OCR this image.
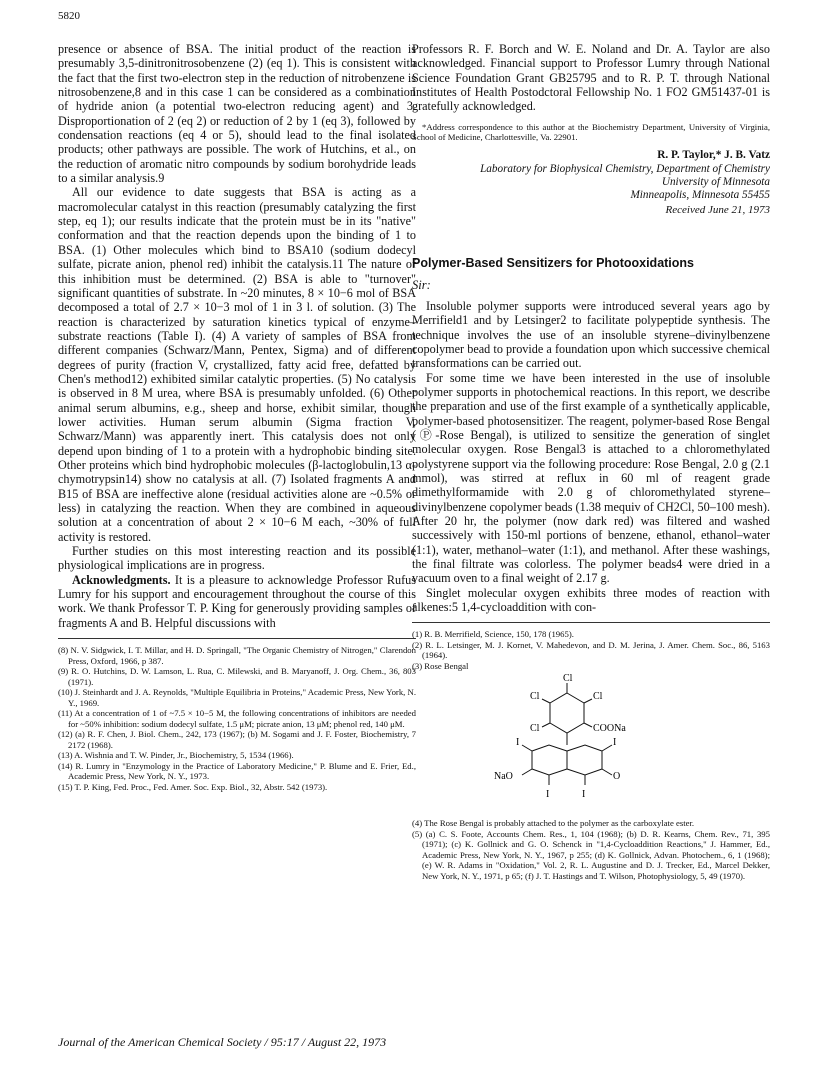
5820

presence or absence of BSA. The initial product of the reaction is presumably 3,5-dinitronitrosobenzene (2) (eq 1). This is consistent with the fact that the first two-electron step in the reduction of nitrobenzene is nitrosobenzene,8 and in this case 1 can be considered as a combination of hydride anion (a potential two-electron reducing agent) and 3. Disproportionation of 2 (eq 2) or reduction of 2 by 1 (eq 3), followed by condensation reactions (eq 4 or 5), should lead to the final isolated products; other pathways are possible. The work of Hutchins, et al., on the reduction of aromatic nitro compounds by sodium borohydride leads to a similar analysis.9

All our evidence to date suggests that BSA is acting as a macromolecular catalyst in this reaction (presumably catalyzing the first step, eq 1); our results indicate that the protein must be in its "native" conformation and that the reaction depends upon the binding of 1 to BSA. (1) Other molecules which bind to BSA10 (sodium dodecyl sulfate, picrate anion, phenol red) inhibit the catalysis.11 The nature of this inhibition must be determined. (2) BSA is able to "turnover" significant quantities of substrate. In ~20 minutes, 8 × 10−6 mol of BSA decomposed a total of 2.7 × 10−3 mol of 1 in 3 l. of solution. (3) The reaction is characterized by saturation kinetics typical of enzyme–substrate reactions (Table I). (4) A variety of samples of BSA from different companies (Schwarz/Mann, Pentex, Sigma) and of different degrees of purity (fraction V, crystallized, fatty acid free, defatted by Chen's method12) exhibited similar catalytic properties. (5) No catalysis is observed in 8 M urea, where BSA is presumably unfolded. (6) Other animal serum albumins, e.g., sheep and horse, exhibit similar, though lower activities. Human serum albumin (Sigma fraction V, Schwarz/Mann) was apparently inert. This catalysis does not only depend upon binding of 1 to a protein with a hydrophobic binding site. Other proteins which bind hydrophobic molecules (β-lactoglobulin,13 α-chymotrypsin14) show no catalysis at all. (7) Isolated fragments A and B15 of BSA are ineffective alone (residual activities alone are ~0.5% or less) in catalyzing the reaction. When they are combined in aqueous solution at a concentration of about 2 × 10−6 M each, ~30% of full activity is restored.

Further studies on this most interesting reaction and its possible physiological implications are in progress.

Acknowledgments. It is a pleasure to acknowledge Professor Rufus Lumry for his support and encouragement throughout the course of this work. We thank Professor T. P. King for generously providing samples of fragments A and B. Helpful discussions with

(8) N. V. Sidgwick, I. T. Millar, and H. D. Springall, "The Organic Chemistry of Nitrogen," Clarendon Press, Oxford, 1966, p 387.

(9) R. O. Hutchins, D. W. Lamson, L. Rua, C. Milewski, and B. Maryanoff, J. Org. Chem., 36, 803 (1971).

(10) J. Steinhardt and J. A. Reynolds, "Multiple Equilibria in Proteins," Academic Press, New York, N. Y., 1969.

(11) At a concentration of 1 of ~7.5 × 10−5 M, the following concentrations of inhibitors are needed for ~50% inhibition: sodium dodecyl sulfate, 1.5 μM; picrate anion, 13 μM; phenol red, 140 μM.

(12) (a) R. F. Chen, J. Biol. Chem., 242, 173 (1967); (b) M. Sogami and J. F. Foster, Biochemistry, 7 2172 (1968).

(13) A. Wishnia and T. W. Pinder, Jr., Biochemistry, 5, 1534 (1966).

(14) R. Lumry in "Enzymology in the Practice of Laboratory Medicine," P. Blume and E. Frier, Ed., Academic Press, New York, N. Y., 1973.

(15) T. P. King, Fed. Proc., Fed. Amer. Soc. Exp. Biol., 32, Abstr. 542 (1973).

Professors R. F. Borch and W. E. Noland and Dr. A. Taylor are also acknowledged. Financial support to Professor Lumry through National Science Foundation Grant GB25795 and to R. P. T. through National Institutes of Health Postodctoral Fellowship No. 1 FO2 GM51437-01 is gratefully acknowledged.

*Address correspondence to this author at the Biochemistry Department, University of Virginia, School of Medicine, Charlottesville, Va. 22901.

R. P. Taylor,* J. B. Vatz

Laboratory for Biophysical Chemistry, Department of Chemistry

University of Minnesota

Minneapolis, Minnesota 55455

Received June 21, 1973

Polymer-Based Sensitizers for Photooxidations

Sir:

Insoluble polymer supports were introduced several years ago by Merrifield1 and by Letsinger2 to facilitate polypeptide synthesis. The technique involves the use of an insoluble styrene–divinylbenzene copolymer bead to provide a foundation upon which successive chemical transformations can be carried out.

For some time we have been interested in the use of insoluble polymer supports in photochemical reactions. In this report, we describe the preparation and use of the first example of a synthetically applicable, polymer-based photosensitizer. The reagent, polymer-based Rose Bengal (Ⓟ-Rose Bengal), is utilized to sensitize the generation of singlet molecular oxygen. Rose Bengal3 is attached to a chloromethylated polystyrene support via the following procedure: Rose Bengal, 2.0 g (2.1 mmol), was stirred at reflux in 60 ml of reagent grade dimethylformamide with 2.0 g of chloromethylated styrene–divinylbenzene copolymer beads (1.38 mequiv of CH2Cl, 50–100 mesh). After 20 hr, the polymer (now dark red) was filtered and washed successively with 150-ml portions of benzene, ethanol, ethanol–water (1:1), water, methanol–water (1:1), and methanol. After these washings, the final filtrate was colorless. The polymer beads4 were dried in a vacuum oven to a final weight of 2.17 g.

Singlet molecular oxygen exhibits three modes of reaction with alkenes:5 1,4-cycloaddition with con-

(1) R. B. Merrifield, Science, 150, 178 (1965).

(2) R. L. Letsinger, M. J. Kornet, V. Mahedevon, and D. M. Jerina, J. Amer. Chem. Soc., 86, 5163 (1964).

(3) Rose Bengal

Cl
Cl	Cl
Cl	COONa
I	I
NaO	O
I	I

(4) The Rose Bengal is probably attached to the polymer as the carboxylate ester.

(5) (a) C. S. Foote, Accounts Chem. Res., 1, 104 (1968); (b) D. R. Kearns, Chem. Rev., 71, 395 (1971); (c) K. Gollnick and G. O. Schenck in "1,4-Cycloaddition Reactions," J. Hammer, Ed., Academic Press, New York, N. Y., 1967, p 255; (d) K. Gollnick, Advan. Photochem., 6, 1 (1968); (e) W. R. Adams in "Oxidation," Vol. 2, R. L. Augustine and D. J. Trecker, Ed., Marcel Dekker, New York, N. Y., 1971, p 65; (f) J. T. Hastings and T. Wilson, Photophysiology, 5, 49 (1970).

Journal of the American Chemical Society / 95:17 / August 22, 1973
